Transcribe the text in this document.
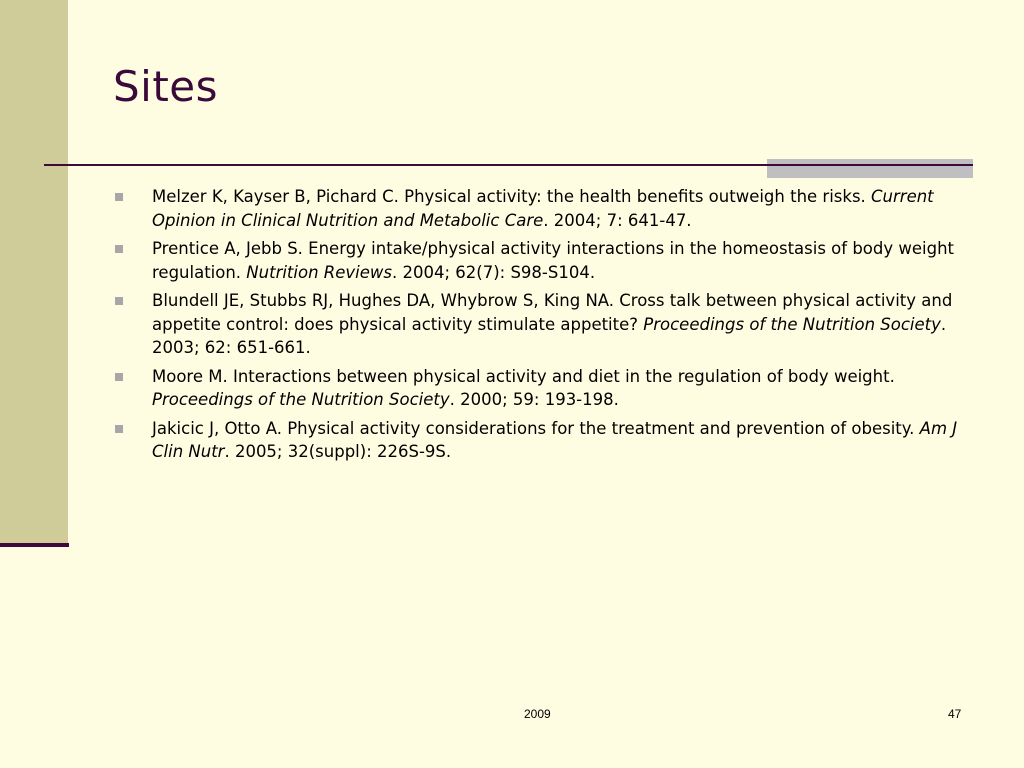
Sites
Melzer K, Kayser B, Pichard C. Physical activity: the health benefits outweigh the risks. Current Opinion in Clinical Nutrition and Metabolic Care. 2004; 7: 641-47.
Prentice A, Jebb S. Energy intake/physical activity interactions in the homeostasis of body weight regulation. Nutrition Reviews. 2004; 62(7): S98-S104.
Blundell JE, Stubbs RJ, Hughes DA, Whybrow S, King NA. Cross talk between physical activity and appetite control: does physical activity stimulate appetite? Proceedings of the Nutrition Society. 2003; 62: 651-661.
Moore M. Interactions between physical activity and diet in the regulation of body weight. Proceedings of the Nutrition Society. 2000; 59: 193-198.
Jakicic J, Otto A. Physical activity considerations for the treatment and prevention of obesity. Am J Clin Nutr. 2005; 32(suppl): 226S-9S.
2009	47
